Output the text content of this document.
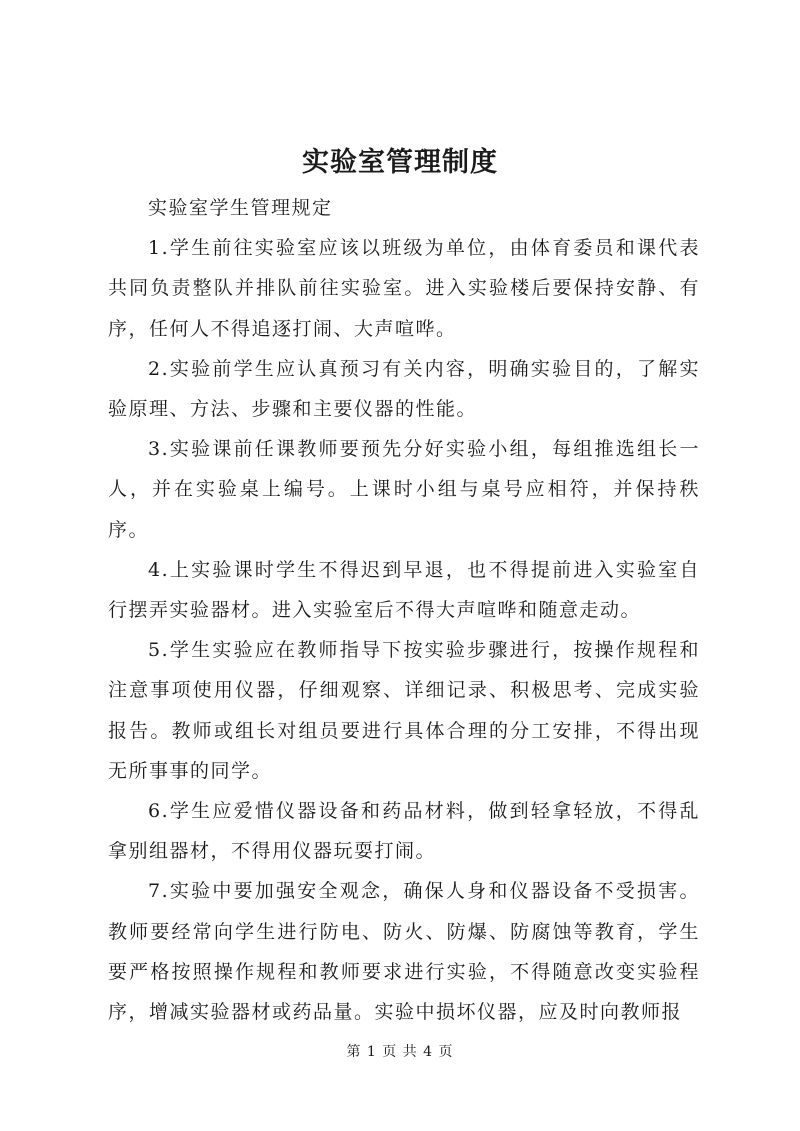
实验室管理制度

实验室学生管理规定

1.学生前往实验室应该以班级为单位，由体育委员和课代表共同负责整队并排队前往实验室。进入实验楼后要保持安静、有序，任何人不得追逐打闹、大声喧哗。

2.实验前学生应认真预习有关内容，明确实验目的，了解实验原理、方法、步骤和主要仪器的性能。

3.实验课前任课教师要预先分好实验小组，每组推选组长一人，并在实验桌上编号。上课时小组与桌号应相符，并保持秩序。

4.上实验课时学生不得迟到早退，也不得提前进入实验室自行摆弄实验器材。进入实验室后不得大声喧哗和随意走动。

5.学生实验应在教师指导下按实验步骤进行，按操作规程和注意事项使用仪器，仔细观察、详细记录、积极思考、完成实验报告。教师或组长对组员要进行具体合理的分工安排，不得出现无所事事的同学。

6.学生应爱惜仪器设备和药品材料，做到轻拿轻放，不得乱拿别组器材，不得用仪器玩耍打闹。

7.实验中要加强安全观念，确保人身和仪器设备不受损害。教师要经常向学生进行防电、防火、防爆、防腐蚀等教育，学生要严格按照操作规程和教师要求进行实验，不得随意改变实验程序，增减实验器材或药品量。实验中损坏仪器，应及时向教师报

第 1 页 共 4 页
